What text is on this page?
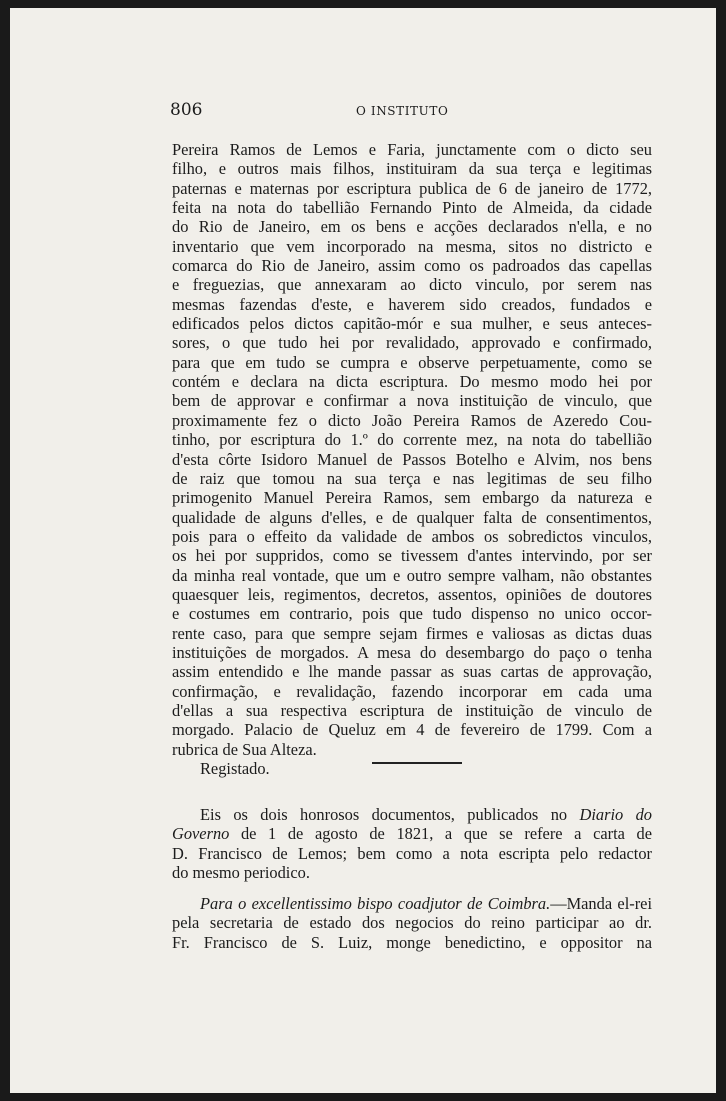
806	O INSTITUTO
Pereira Ramos de Lemos e Faria, junctamente com o dicto seu
filho, e outros mais filhos, instituiram da sua terça e legitimas
paternas e maternas por escriptura publica de 6 de janeiro de 1772,
feita na nota do tabellião Fernando Pinto de Almeida, da cidade
do Rio de Janeiro, em os bens e acções declarados n'ella, e no
inventario que vem incorporado na mesma, sitos no districto e
comarca do Rio de Janeiro, assim como os padroados das capellas
e freguezias, que annexaram ao dicto vinculo, por serem nas
mesmas fazendas d'este, e haverem sido creados, fundados e
edificados pelos dictos capitão-mór e sua mulher, e seus anteces-
sores, o que tudo hei por revalidado, approvado e confirmado,
para que em tudo se cumpra e observe perpetuamente, como se
contém e declara na dicta escriptura. Do mesmo modo hei por
bem de approvar e confirmar a nova instituição de vinculo, que
proximamente fez o dicto João Pereira Ramos de Azeredo Cou-
tinho, por escriptura do 1.º do corrente mez, na nota do tabellião
d'esta côrte Isidoro Manuel de Passos Botelho e Alvim, nos bens
de raiz que tomou na sua terça e nas legitimas de seu filho
primogenito Manuel Pereira Ramos, sem embargo da natureza e
qualidade de alguns d'elles, e de qualquer falta de consentimentos,
pois para o effeito da validade de ambos os sobredictos vinculos,
os hei por suppridos, como se tivessem d'antes intervindo, por ser
da minha real vontade, que um e outro sempre valham, não obstantes
quaesquer leis, regimentos, decretos, assentos, opiniões de doutores
e costumes em contrario, pois que tudo dispenso no unico occor-
rente caso, para que sempre sejam firmes e valiosas as dictas duas
instituições de morgados. A mesa do desembargo do paço o tenha
assim entendido e lhe mande passar as suas cartas de approvação,
confirmação, e revalidação, fazendo incorporar em cada uma
d'ellas a sua respectiva escriptura de instituição de vinculo de
morgado. Palacio de Queluz em 4 de fevereiro de 1799. Com a
rubrica de Sua Alteza.
Registado.
Eis os dois honrosos documentos, publicados no Diario do
Governo de 1 de agosto de 1821, a que se refere a carta de
D. Francisco de Lemos; bem como a nota escripta pelo redactor
do mesmo periodico.
Para o excellentissimo bispo coadjutor de Coimbra.—Manda el-rei
pela secretaria de estado dos negocios do reino participar ao dr.
Fr. Francisco de S. Luiz, monge benedictino, e oppositor na
